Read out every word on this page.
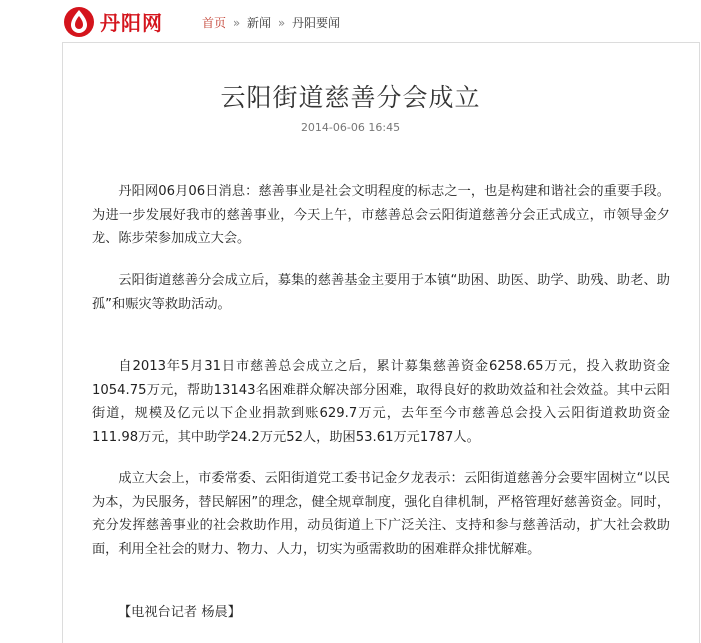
丹阳网	首页 » 新闻 » 丹阳要闻
云阳街道慈善分会成立
2014-06-06 16:45

丹阳网06月06日消息：慈善事业是社会文明程度的标志之一，也是构建和谐社会的重要手段。为进一步发展好我市的慈善事业，今天上午，市慈善总会云阳街道慈善分会正式成立，市领导金夕龙、陈步荣参加成立大会。

云阳街道慈善分会成立后，募集的慈善基金主要用于本镇“助困、助医、助学、助残、助老、助孤”和赈灾等救助活动。

自2013年5月31日市慈善总会成立之后，累计募集慈善资金6258.65万元，投入救助资金1054.75万元，帮助13143名困难群众解决部分困难，取得良好的救助效益和社会效益。其中云阳街道，规模及亿元以下企业捐款到账629.7万元，去年至今市慈善总会投入云阳街道救助资金111.98万元，其中助学24.2万元52人，助困53.61万元1787人。

成立大会上，市委常委、云阳街道党工委书记金夕龙表示：云阳街道慈善分会要牢固树立“以民为本，为民服务，替民解困”的理念，健全规章制度，强化自律机制，严格管理好慈善资金。同时，充分发挥慈善事业的社会救助作用，动员街道上下广泛关注、支持和参与慈善活动，扩大社会救助面，利用全社会的财力、物力、人力，切实为亟需救助的困难群众排忧解难。

【电视台记者 杨晨】
